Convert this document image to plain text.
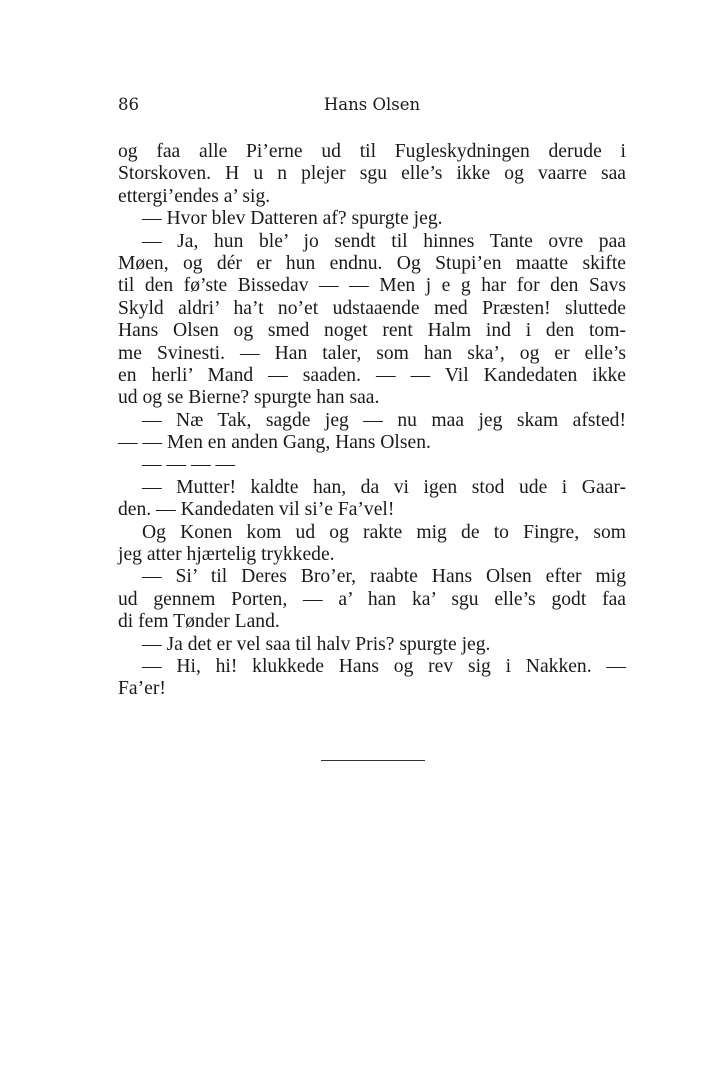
86	Hans Olsen
og faa alle Pi’erne ud til Fugleskydningen derude i
Storskoven. H u n plejer sgu elle’s ikke og vaarre saa
ettergi’endes a’ sig.
— Hvor blev Datteren af? spurgte jeg.
— Ja, hun ble’ jo sendt til hinnes Tante ovre paa
Møen, og dér er hun endnu. Og Stupi’en maatte skifte
til den fø’ste Bissedav — — Men j e g har for den Savs
Skyld aldri’ ha’t no’et udstaaende med Præsten! sluttede
Hans Olsen og smed noget rent Halm ind i den tom-
me Svinesti. — Han taler, som han ska’, og er elle’s
en herli’ Mand — saaden. — — Vil Kandedaten ikke
ud og se Bierne? spurgte han saa.
— Næ Tak, sagde jeg — nu maa jeg skam afsted!
— — Men en anden Gang, Hans Olsen.
— — — —
— Mutter! kaldte han, da vi igen stod ude i Gaar-
den. — Kandedaten vil si’e Fa’vel!
Og Konen kom ud og rakte mig de to Fingre, som
jeg atter hjærtelig trykkede.
— Si’ til Deres Bro’er, raabte Hans Olsen efter mig
ud gennem Porten, — a’ han ka’ sgu elle’s godt faa
di fem Tønder Land.
— Ja det er vel saa til halv Pris? spurgte jeg.
— Hi, hi! klukkede Hans og rev sig i Nakken. —
Fa’er!
